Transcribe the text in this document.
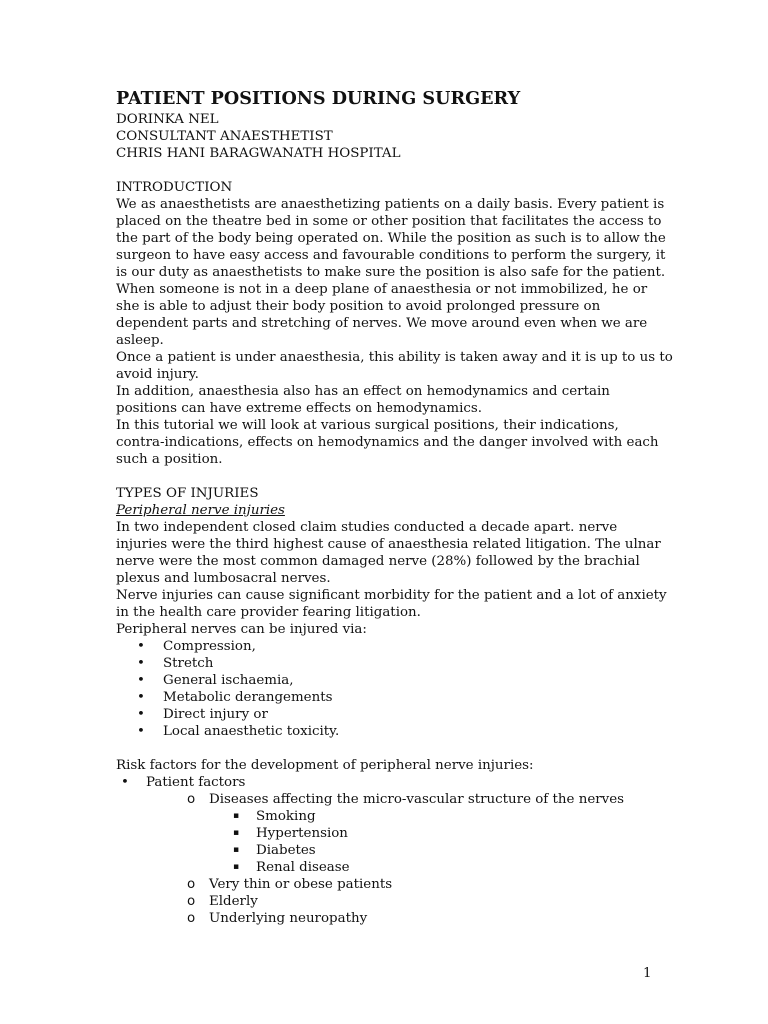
PATIENT POSITIONS DURING SURGERY

DORINKA NEL

CONSULTANT ANAESTHETIST

CHRIS HANI BARAGWANATH HOSPITAL

INTRODUCTION

We as anaesthetists are anaesthetizing patients on a daily basis. Every patient is

placed on the theatre bed in some or other position that facilitates the access to

the part of the body being operated on. While the position as such is to allow the

surgeon to have easy access and favourable conditions to perform the surgery, it

is our duty as anaesthetists to make sure the position is also safe for the patient.

When someone is not in a deep plane of anaesthesia or not immobilized, he or

she is able to adjust their body position to avoid prolonged pressure on

dependent parts and stretching of nerves. We move around even when we are

asleep.

Once a patient is under anaesthesia, this ability is taken away and it is up to us to

avoid injury.

In addition, anaesthesia also has an effect on hemodynamics and certain

positions can have extreme effects on hemodynamics.

In this tutorial we will look at various surgical positions, their indications,

contra-indications, effects on hemodynamics and the danger involved with each

such a position.

TYPES OF INJURIES

Peripheral nerve injuries

In two independent closed claim studies conducted a decade apart. nerve

injuries were the third highest cause of anaesthesia related litigation. The ulnar

nerve were the most common damaged nerve (28%) followed by the brachial

plexus and lumbosacral nerves.

Nerve injuries can cause significant morbidity for the patient and a lot of anxiety

in the health care provider fearing litigation.

Peripheral nerves can be injured via:

• Compression,
• Stretch
• General ischaemia,
• Metabolic derangements
• Direct injury or
• Local anaesthetic toxicity.

Risk factors for the development of peripheral nerve injuries:

• Patient factors
o Diseases affecting the micro-vascular structure of the nerves
▪ Smoking
▪ Hypertension
▪ Diabetes
▪ Renal disease
o Very thin or obese patients
o Elderly
o Underlying neuropathy
1
